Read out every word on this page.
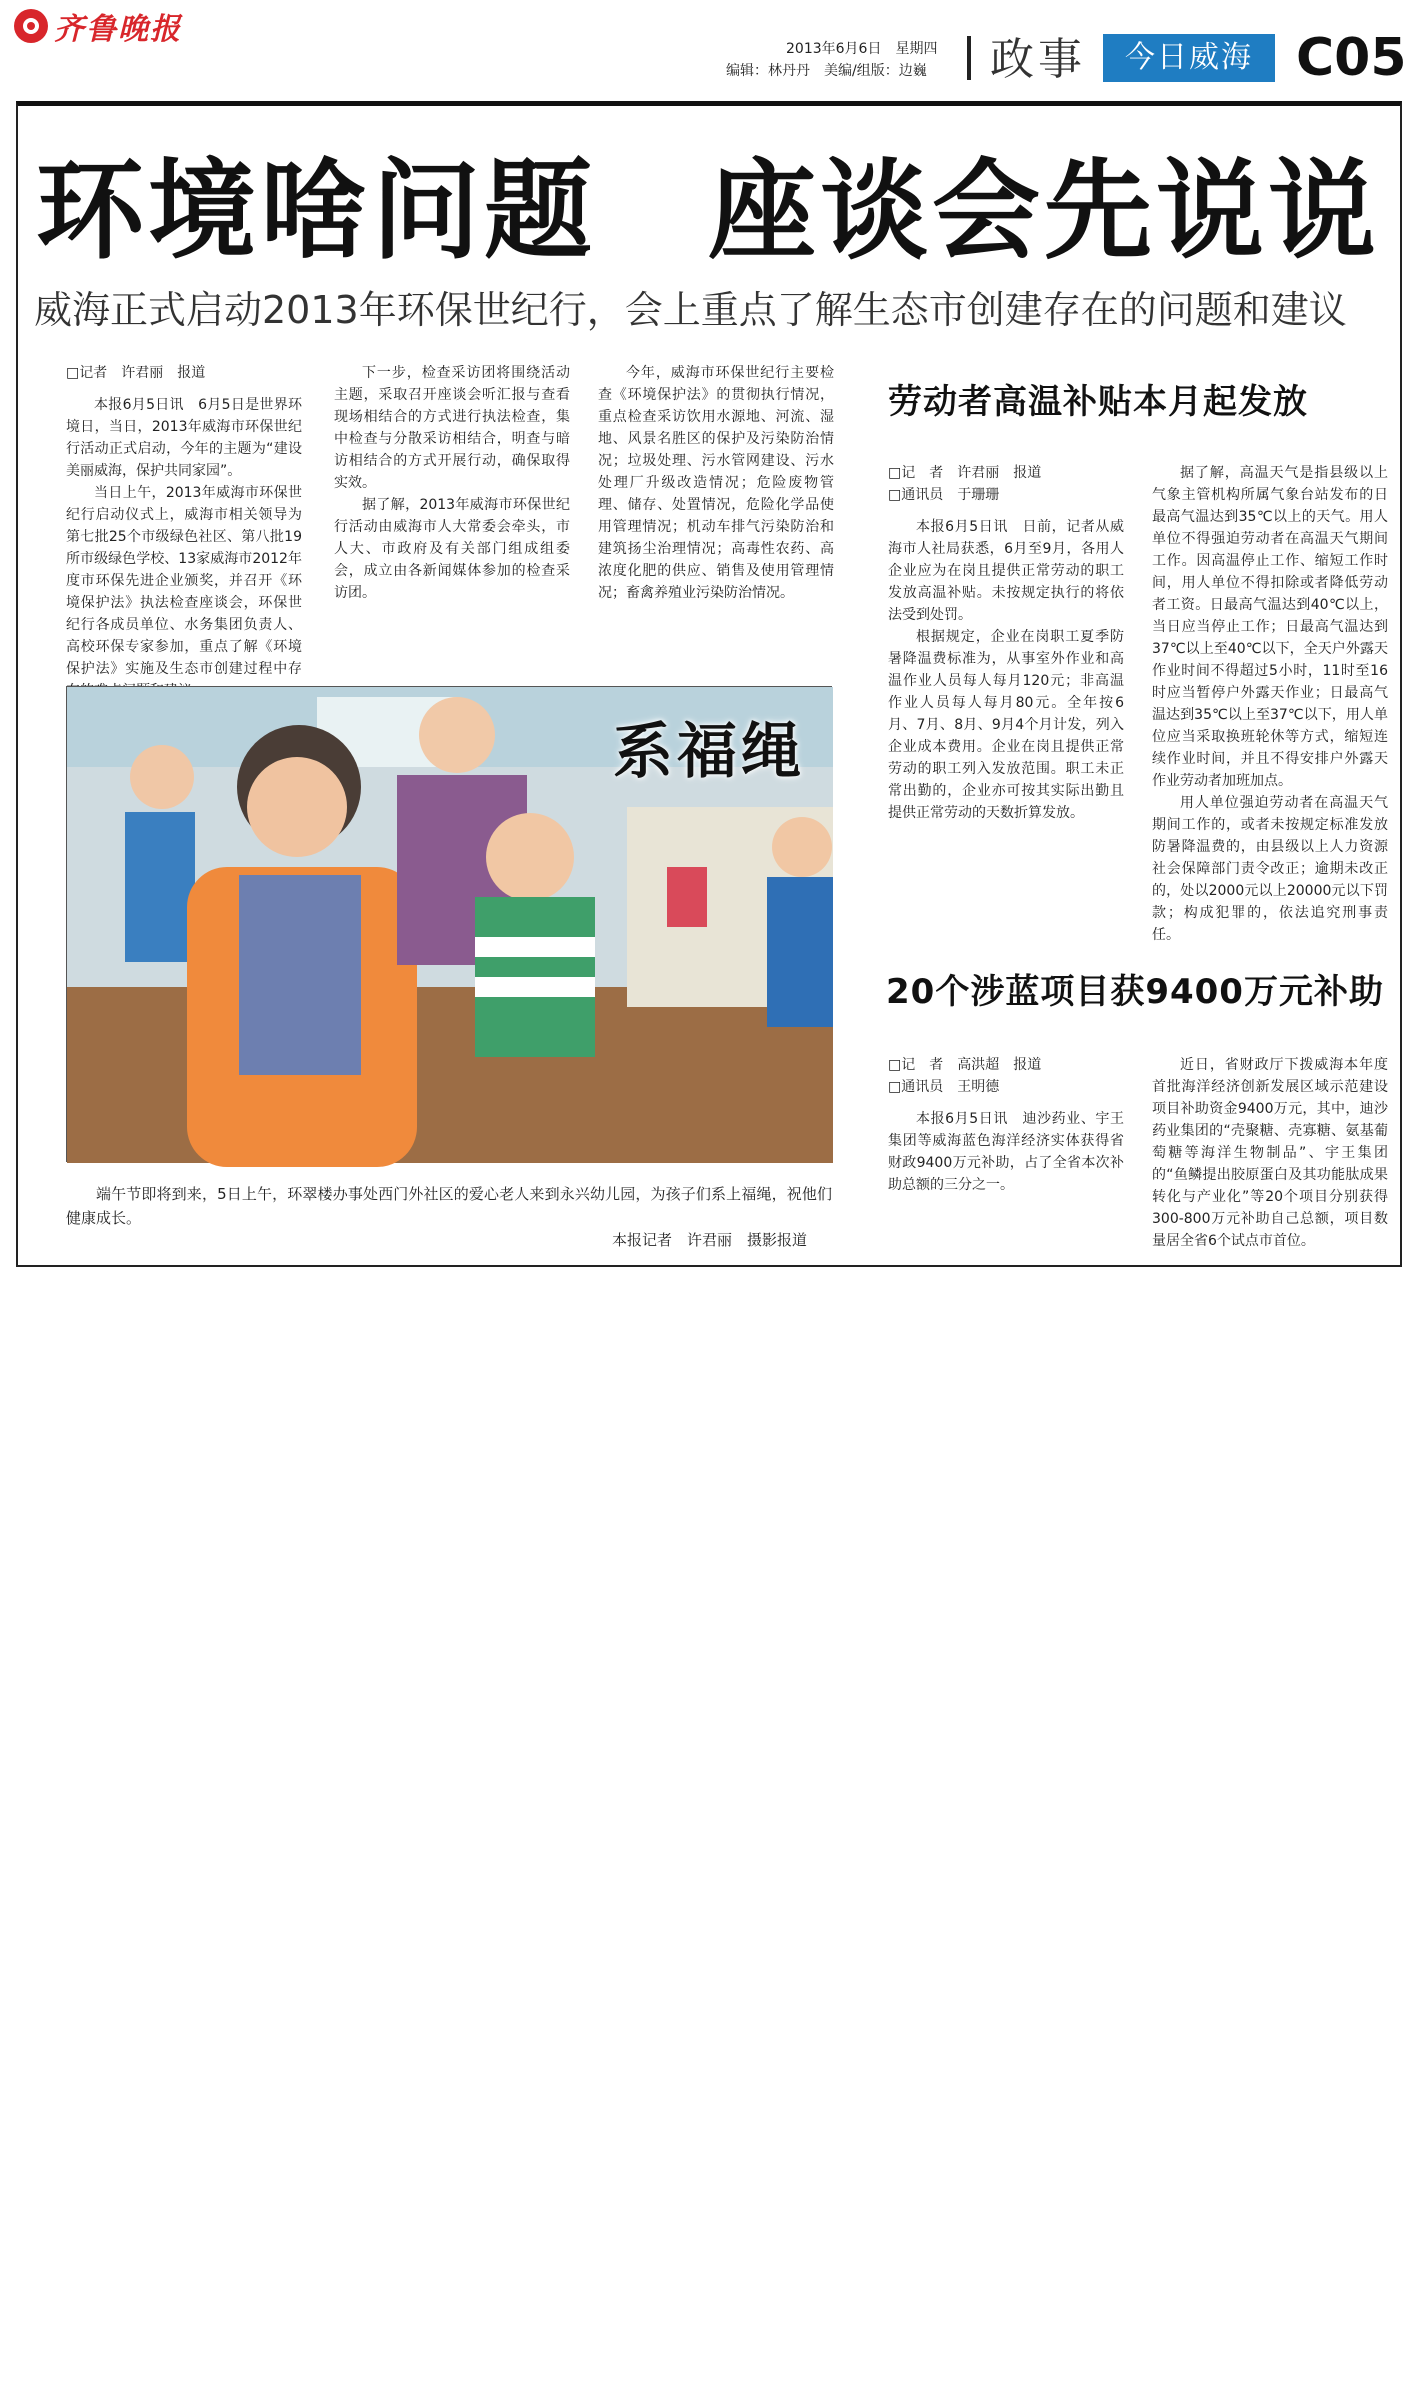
齐鲁晚报
2013年6月6日　星期四
编辑：林丹丹　美编/组版：边巍 政事	今日威海 C05
环境啥问题　座谈会先说说
威海正式启动2013年环保世纪行，会上重点了解生态市创建存在的问题和建议
□记者　许君丽　报道

本报6月5日讯　6月5日是世界环境日，当日，2013年威海市环保世纪行活动正式启动，今年的主题为“建设美丽威海，保护共同家园”。

当日上午，2013年威海市环保世纪行启动仪式上，威海市相关领导为第七批25个市级绿色社区、第八批19所市级绿色学校、13家威海市2012年度市环保先进企业颁奖，并召开《环境保护法》执法检查座谈会，环保世纪行各成员单位、水务集团负责人、高校环保专家参加，重点了解《环境保护法》实施及生态市创建过程中存

下一步，检查采访团将围绕活动主题，采取召开座谈会听汇报与查看现场相结合的方式进行执法检查，集中检查与分散采访相结合，明查与暗访相结合的方式开展行动，确保取得实效。

据了解，2013年威海市环保世纪行活动由威海市人大常委会牵头，市人大、市政府及有关部门组成组委会，成立由各新闻媒体参加的检查采访团。

今年，威海市环保世纪行主要检查《环境保护法》的贯彻执行情况，重点检查采访饮用水源地、河流、湿地、风景名胜区的保护及污染防治情况；垃圾处理、污水管网建设、污水处理厂升级改造情况；危险废物管理、储存、处置情况，危险化学品使用管理情况；机动车排气污染防治和建筑扬尘治理情况；高毒性农药、高浓度化肥的供应、销售及使用管理情况；畜禽养殖业污染防治情况。

系福绳
端午节即将到来，5日上午，环翠楼办事处西门外社区的爱心老人来到永兴幼儿园，为孩子们系上福绳，祝他们健康成长。
本报记者　许君丽　摄影报道
劳动者高温补贴本月起发放
□记　者　许君丽　报道
□通讯员　于珊珊

本报6月5日讯　日前，记者从威海市人社局获悉，6月至9月，各用人企业应为在岗且提供正常劳动的职工发放高温补贴。未按规定执行的将依法受到处罚。

根据规定，企业在岗职工夏季防暑降温费标准为，从事室外作业和高温作业人员每人每月120元；非高温作业人员每人每月80元。全年按6月、7月、8月、9月4个月计发，列入企业成本费用。企业在岗且提供正常劳动的职工列入发放范围。职工未正常出勤的，企业亦可按其实际出勤且提供正常劳动的天数折算发放。

据了解，高温天气是指县级以上气象主管机构所属气象台站发布的日最高气温达到35℃以上的天气。用人单位不得强迫劳动者在高温天气期间工作。因高温停止工作、缩短工作时间，用人单位不得扣除或者降低劳动者工资。日最高气温达到40℃以上，当日应当停止工作；日最高气温达到37℃以上至40℃以下，全天户外露天作业时间不得超过5小时，11时至16时应当暂停户外露天作业；日最高气温达到35℃以上至37℃以下，用人单位应当采取换班轮休等方式，缩短连续作业时间，并且不得安排户外露天作业劳动者加班加点。

用人单位强迫劳动者在高温天气期间工作的，或者未按规定标准发放防暑降温费的，由县级以上人力资源社会保障部门责令改正；逾期未改正的，处以2000元以上20000元以下罚款；构成犯罪的，依法追究刑事责任。

20个涉蓝项目获9400万元补助
□记　者　高洪超　报道
□通讯员　王明德

本报6月5日讯　迪沙药业、宇王集团等威海蓝色海洋经济实体获得省财政9400万元补助，占了全省本次补助总额的三分之一。

近日，省财政厅下拨威海本年度首批海洋经济创新发展区域示范建设项目补助资金9400万元，其中，迪沙药业集团的“壳聚糖、壳寡糖、氨基葡萄糖等海洋生物制品”、宇王集团的“鱼鳞提出胶原蛋白及其功能肽成果转化与产业化”等20个项目分别获得300-800万元补助自己总额，项目数量居全省6个试点市首位。
